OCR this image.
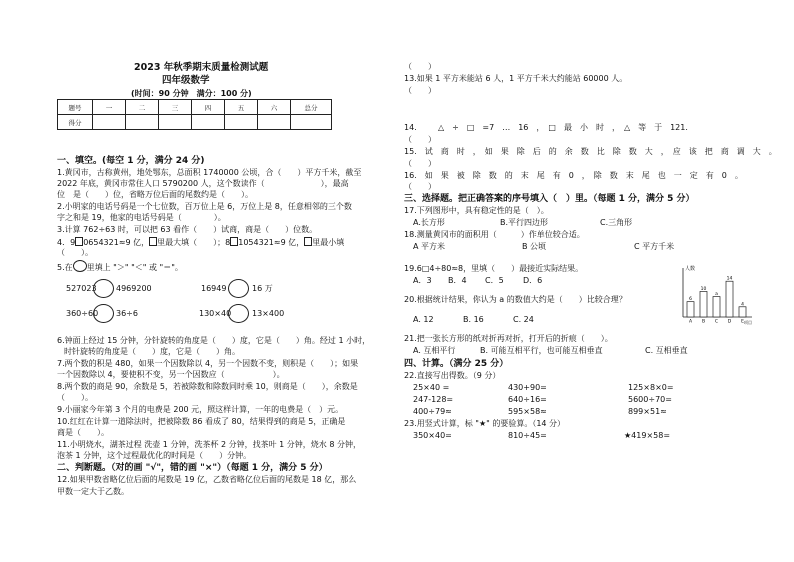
2023 年秋季期末质量检测试题
四年级数学
(时间：90 分钟　满分：100 分)
题号	一	二	三	四	五	六	总分
得分							
一、填空。(每空 1 分，满分 24 分)
1.黄冈市，古称黄州，地处鄂东，总面积 1740000 公顷，合（　　）平方千米，截至
2022 年底，黄冈市常住人口 5790200 人，这个数读作（　　　　　　　），最高
位　是（　　）位，省略万位后面的尾数约是（　　）。
2.小明家的电话号码是一个七位数，百万位上是 6，万位上是 8，任意相邻的三个数
字之和是 19，他家的电话号码是（　　　　）。
3.计算 762÷63 时，可以把 63 看作（　　）试商，商是（　　）位数。
4．9 0654321≈9 亿， 里最大填（　　）；8 1054321≈9 亿， 里最小填
（　　）。
5.在 里填上 "＞" "＜" 或 "＝"。
527023 4969200	16949	16 万
360÷60 36÷6	130×40	13×400
6.钟面上经过 15 分钟，分针旋转的角度是（　　）度，它是（　　）角。经过 1 小时，
时针旋转的角度是（　　）度，它是（　　）角。
7.两个数的积是 480，如果一个因数除以 4，另一个因数不变，则积是（　　）；如果
一个因数除以 4，要使积不变，另一个因数应（　　　　　　）。
8.两个数的商是 90，余数是 5，若被除数和除数同时乘 10，则商是（　　），余数是
（　　）。
9.小丽家今年第 3 个月的电费是 200 元，照这样计算，一年的电费是（　）元。
10.红红在计算一道除法时，把被除数 86 看成了 80，结果得到的商是 5，正确是
商是（　　）。
11.小明烧水，湖茶过程 洗壶 1 分钟，洗茶杯 2 分钟，找茶叶 1 分钟，烧水 8 分钟，
泡茶 1 分钟，这个过程最优化的时间是（　　）分钟。
二、判断题。（对的画 "√"，错的画 "×"）（每题 1 分，满分 5 分）
12.如果甲数省略亿位后面的尾数是 19 亿，乙数省略亿位后面的尾数是 18 亿，那么
甲数一定大于乙数。
（　　）
13.如果 1 平方米能站 6 人，1 平方千米大约能站 60000 人。
（　　）
14.	△　÷　□　=7　…　16　，　□　最　小　时　，　△　等　于　121.
（　　）
15.　试　商　时　，　如　果　除　后　的　余　数　比　除　数　大　，　应　该　把　商　调　大　。
（　　）
16.　如　果　被　除　数　的　末　尾　有　0　，　除　数　末　尾　也　一　定　有　0　。
（　　）
三、选择题。把正确答案的序号填入（　）里。（每题 1 分，满分 5 分）
17.下列图形中，具有稳定性的是（　）。
A.长方形	B.平行四边形	C.三角形
18.测量黄冈市的面积用（　　　）作单位较合适。
A 平方米	B 公顷	C 平方千米
19.6□4÷80≈8，里填（　　）最接近实际结果。
A．3 B．4 C．5 D．6
20.根据统计结果，你认为 a 的数值大约是（　　）比较合理？
A. 12	B. 16	C. 24
人数
项目
6
A
10
B
a
C
14
D
4
E
21.把一张长方形的纸对折再对折，打开后的折痕（　　）。
A. 互相平行	B. 可能互相平行，也可能互相垂直	C. 互相垂直
四、计算。（满分 25 分）
22.直接写出得数。（9 分）
25×40 =	430+90=	125×8×0=
247-128=	640÷16=	5600÷70=
400÷79≈	595×58≈	899×51≈
23.用竖式计算，标 "★" 的要验算。（14 分）
350×40=	810÷45=	★419×58=
